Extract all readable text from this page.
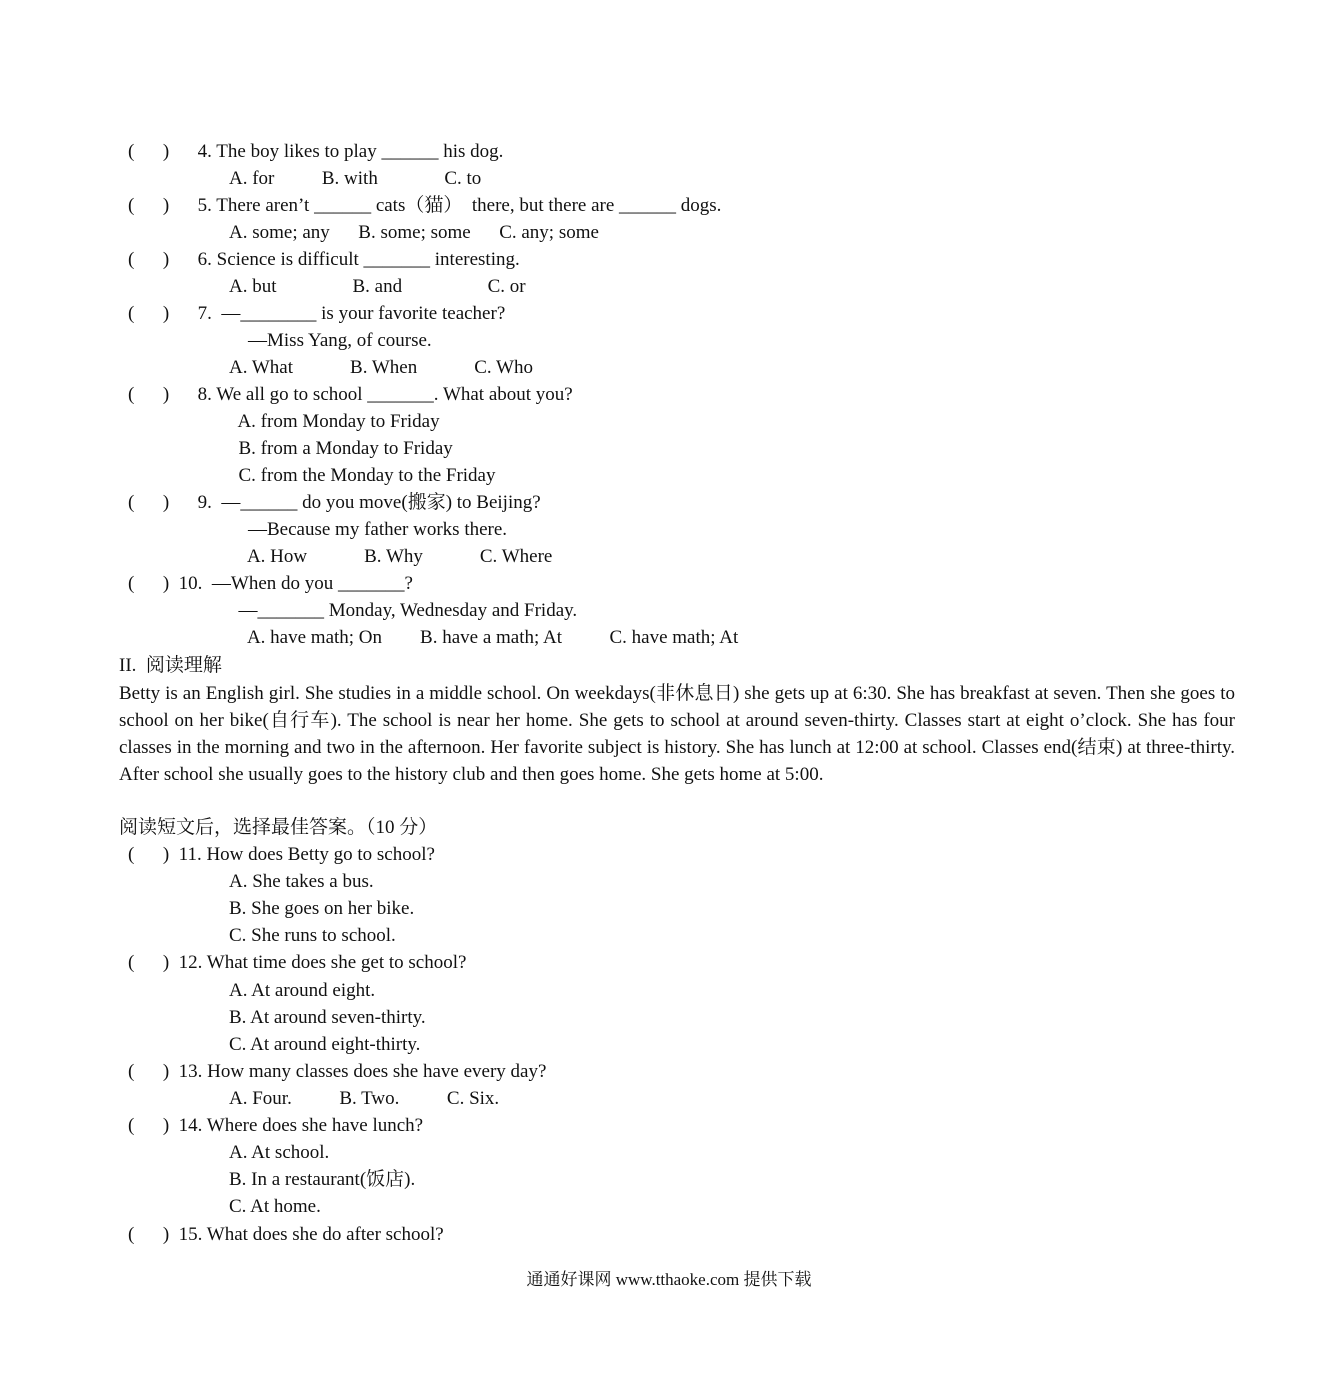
(      )      4. The boy likes to play ______ his dog.
A. for          B. with              C. to
(      )      5. There aren’t ______ cats（猫）  there, but there are ______ dogs.
A. some; any      B. some; some      C. any; some
(      )      6. Science is difficult _______ interesting.
A. but                B. and                  C. or
(      )      7.  —________ is your favorite teacher?
—Miss Yang, of course.
A. What            B. When            C. Who
(      )      8. We all go to school _______. What about you?
A. from Monday to Friday
B. from a Monday to Friday
C. from the Monday to the Friday
(      )      9.  —______ do you move(搬家) to Beijing?
—Because my father works there.
A. How            B. Why            C. Where
(      )  10.  —When do you _______?
—_______ Monday, Wednesday and Friday.
A. have math; On        B. have a math; At          C. have math; At
II.  阅读理解
Betty is an English girl. She studies in a middle school. On weekdays(非休息日) she gets up at 6:30. She has breakfast at seven. Then she goes to school on her bike(自行车). The school is near her home. She gets to school at around seven-thirty. Classes start at eight o’clock. She has four classes in the morning and two in the afternoon. Her favorite subject is history. She has lunch at 12:00 at school. Classes end(结束) at three-thirty. After school she usually goes to the history club and then goes home. She gets home at 5:00.
阅读短文后，选择最佳答案。（10 分）
(      )  11. How does Betty go to school?
A. She takes a bus.
B. She goes on her bike.
C. She runs to school.
(      )  12. What time does she get to school?
A. At around eight.
B. At around seven-thirty.
C. At around eight-thirty.
(      )  13. How many classes does she have every day?
A. Four.          B. Two.          C. Six.
(      )  14. Where does she have lunch?
A. At school.
B. In a restaurant(饭店).
C. At home.
(      )  15. What does she do after school?
通通好课网 www.tthaoke.com 提供下载
